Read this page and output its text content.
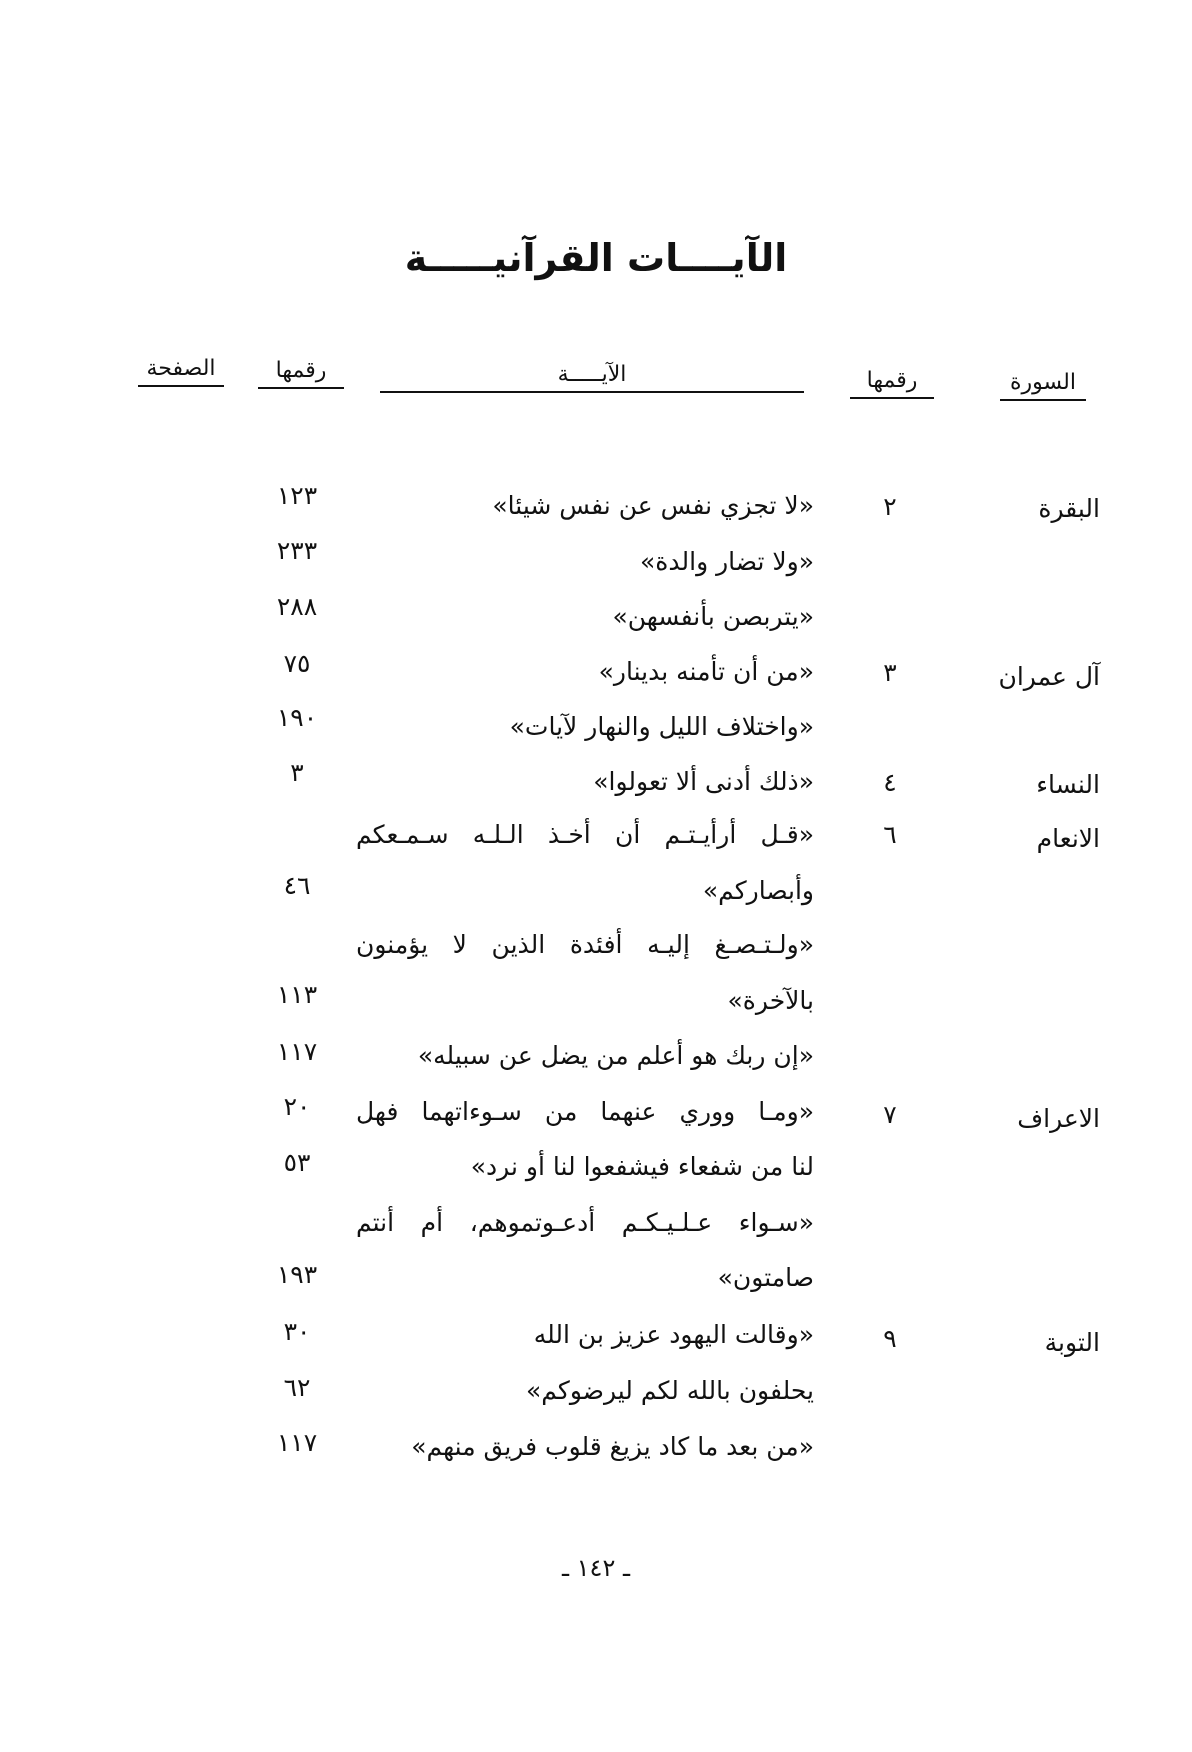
الآيــــات القرآنيـــــة
السورة
رقمها
الآيـــــة
رقمها
الصفحة
البقرة
٢
آل عمران
٣
النساء
٤
الانعام
٦
الاعراف
٧
التوبة
٩
«لا تجزي نفس عن نفس شيئا»
«ولا تضار والدة»
«يتربصن بأنفسهن»
«من أن تأمنه بدينار»
«واختلاف الليل والنهار لآيات»
«ذلك أدنى ألا تعولوا»
«قـل أرأيـتـم أن أخـذ الـلـه سـمـعكم
وأبصاركم»
«ولـتـصـغ إليـه أفئدة الذين لا يؤمنون
بالآخرة»
«إن ربك هو أعلم من يضل عن سبيله»
«ومـا ووري عنهما من سـوءاتهما فهل
لنا من شفعاء فيشفعوا لنا أو نرد»
«سـواء عـلـيـكـم أدعـوتموهم، أم أنتم
صامتون»
«وقالت اليهود عزيز بن الله
يحلفون بالله لكم ليرضوكم»
«من بعد ما كاد يزيغ قلوب فريق منهم»
١٢٣
٢٣٣
٢٨٨
٧٥
١٩٠
٣
٤٦
١١٣
١١٧
٢٠
٥٣
١٩٣
٣٠
٦٢
١١٧
ـ ١٤٢ ـ
